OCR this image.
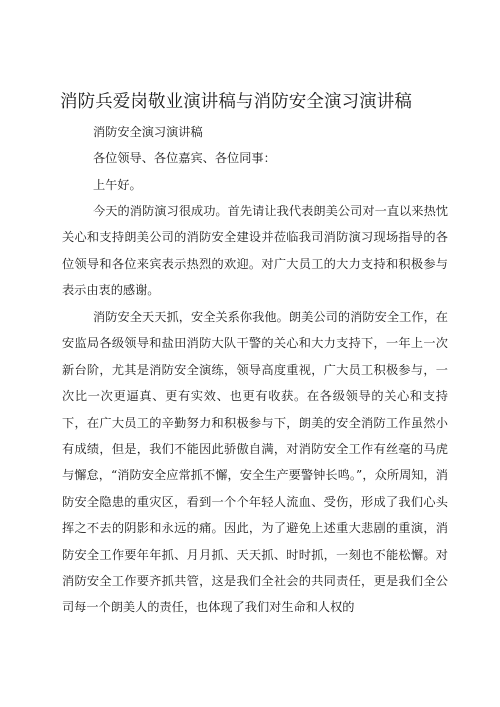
消防兵爱岗敬业演讲稿与消防安全演习演讲稿
消防安全演习演讲稿
各位领导、各位嘉宾、各位同事：
上午好。
今天的消防演习很成功。首先请让我代表朗美公司对一直以来热忱关心和支持朗美公司的消防安全建设并莅临我司消防演习现场指导的各位领导和各位来宾表示热烈的欢迎。对广大员工的大力支持和积极参与表示由衷的感谢。
消防安全天天抓，安全关系你我他。朗美公司的消防安全工作，在安监局各级领导和盐田消防大队干警的关心和大力支持下，一年上一次新台阶，尤其是消防安全演练，领导高度重视，广大员工积极参与，一次比一次更逼真、更有实效、也更有收获。在各级领导的关心和支持下，在广大员工的辛勤努力和积极参与下，朗美的安全消防工作虽然小有成绩，但是，我们不能因此骄傲自满，对消防安全工作有丝毫的马虎与懈怠，“消防安全应常抓不懈，安全生产要警钟长鸣。”，众所周知，消防安全隐患的重灾区，看到一个个年轻人流血、受伤，形成了我们心头挥之不去的阴影和永远的痛。因此，为了避免上述重大悲剧的重演，消防安全工作要年年抓、月月抓、天天抓、时时抓，一刻也不能松懈。对消防安全工作要齐抓共管，这是我们全社会的共同责任，更是我们全公司每一个朗美人的责任，也体现了我们对生命和人权的
